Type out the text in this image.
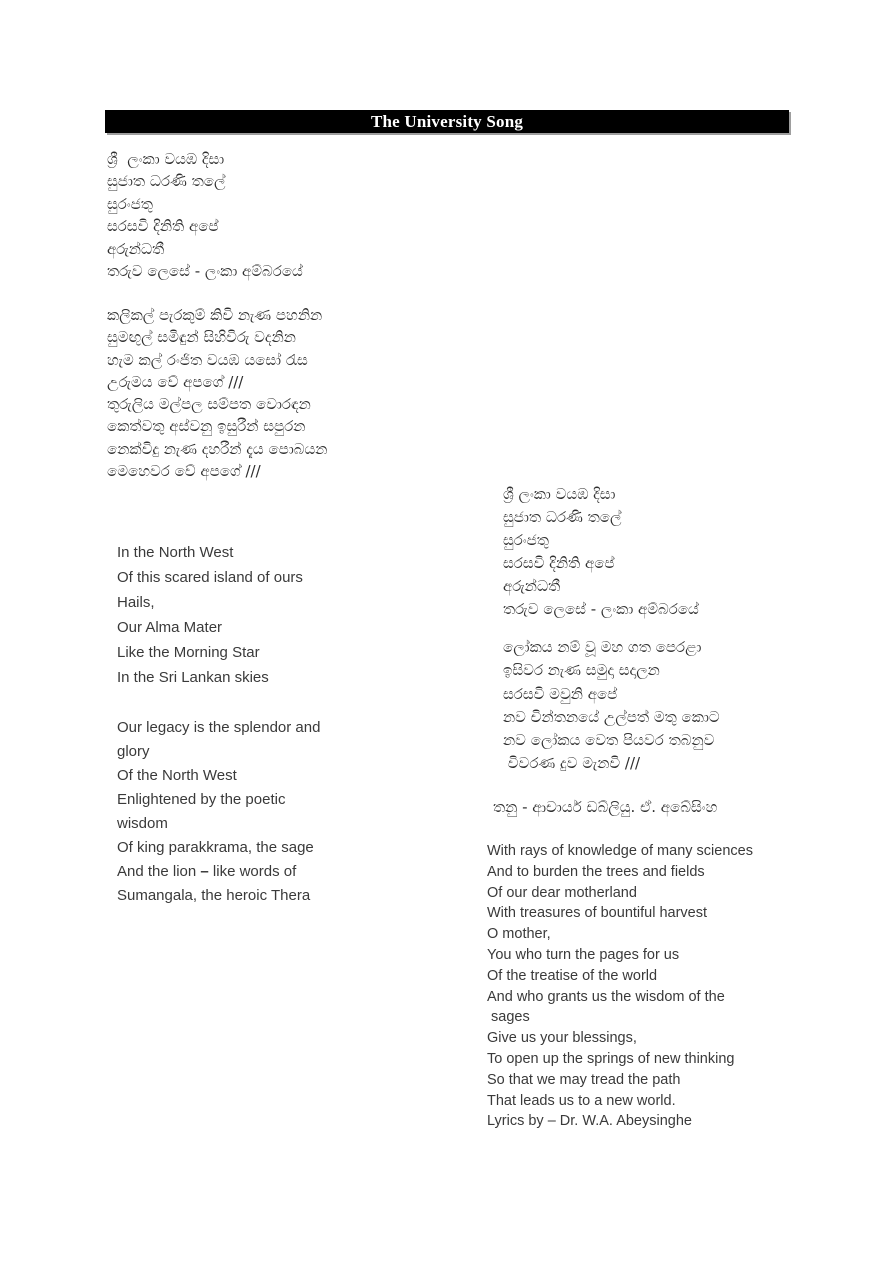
The University Song
ශ්‍රී  ලංකා වයඹ දිසා
සුජාත ධරණි තලේ
සුරංජතු
සරසවි දිනිති අපේ
අරුන්ධතී
තරුව ලෙසේ - ලංකා අම්බරයේ
කලිකල් පැරකුම් කිවි නැණ පහනින
සුමඟුල් සමිඳුන් සිහිවිරු වදනින
හැම කල් රංජිත වයඹ යසෝ රැස
උරුමය වේ අපගේ ///
තුරුලිය මල්පල සම්පත වොරඳන
කෙත්වතු අස්වනු ඉසුරීන් සපුරන
නෙක්විදු නැණ දහරීන් දැය පොබයන
මෙහෙවර වේ අපගේ ///
In the North West
Of this scared island of ours
Hails,
Our Alma Mater
Like the Morning Star
In the Sri Lankan skies
Our legacy is the splendor and
glory
Of the North West
Enlightened by the poetic
wisdom
Of king parakkrama, the sage
And the lion – like words of
Sumangala, the heroic Thera
ශ්‍රී ලංකා වයඹ දිසා
සුජාත ධරණි තලේ
සුරංජතු
සරසවි දිනිති අපේ
අරුන්ධතී
තරුව ලෙසේ - ලංකා අම්බරයේ
ලෝකය නම් වූ මහ ගත පෙරළා
ඉසිවර නැණ සමුදා සදාලන
සරසවි මවුනි අපේ
නව චින්තනයේ උල්පත් මතු කොට
නව ලෝකය වෙත පියවර තබනුව
විවරණ දුව මැනවි ///
තනු - ආචාර්ය ඩබ්ලියු. ඒ. අබේසිංහ
With rays of knowledge of many sciences
And to burden the trees and fields
Of our dear motherland
With treasures of bountiful harvest
O mother,
You who turn the pages for us
Of the treatise of the world
And who grants us the wisdom of the
sages
Give us your blessings,
To open up the springs of new thinking
So that we may tread the path
That leads us to a new world.
Lyrics by – Dr. W.A. Abeysinghe
